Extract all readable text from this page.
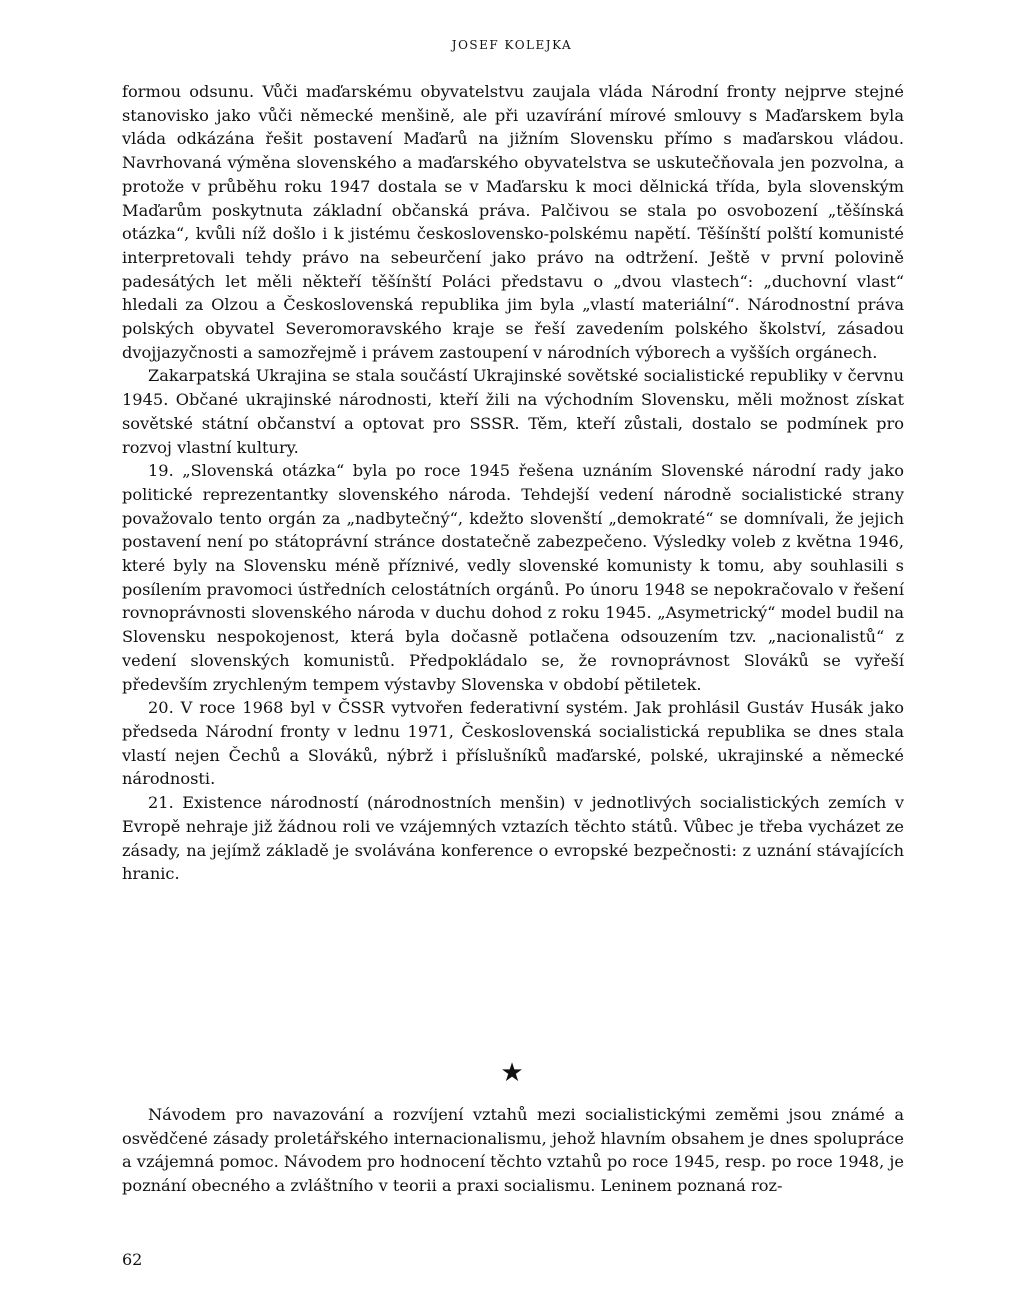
JOSEF KOLEJKA

formou odsunu. Vůči maďarskému obyvatelstvu zaujala vláda Národní fronty nejprve stejné stanovisko jako vůči německé menšině, ale při uzavírání mírové smlouvy s Maďarskem byla vláda odkázána řešit postavení Maďarů na jižním Slovensku přímo s maďarskou vládou. Navrhovaná výměna slovenského a maďarského obyvatelstva se uskutečňovala jen pozvolna, a protože v průběhu roku 1947 dostala se v Maďarsku k moci dělnická třída, byla slovenským Maďarům poskytnuta základní občanská práva. Palčivou se stala po osvobození „těšínská otázka“, kvůli níž došlo i k jistému československo-polskému napětí. Těšínští polští komunisté interpretovali tehdy právo na sebeurčení jako právo na odtržení. Ještě v první polovině padesátých let měli někteří těšínští Poláci představu o „dvou vlastech“: „duchovní vlast“ hledali za Olzou a Československá republika jim byla „vlastí materiální“. Národnostní práva polských obyvatel Severomoravského kraje se řeší zavedením polského školství, zásadou dvojjazyčnosti a samozřejmě i právem zastoupení v národních výborech a vyšších orgánech.

Zakarpatská Ukrajina se stala součástí Ukrajinské sovětské socialistické republiky v červnu 1945. Občané ukrajinské národnosti, kteří žili na východním Slovensku, měli možnost získat sovětské státní občanství a optovat pro SSSR. Těm, kteří zůstali, dostalo se podmínek pro rozvoj vlastní kultury.

19. „Slovenská otázka“ byla po roce 1945 řešena uznáním Slovenské národní rady jako politické reprezentantky slovenského národa. Tehdejší vedení národně socialistické strany považovalo tento orgán za „nadbytečný“, kdežto slovenští „demokraté“ se domnívali, že jejich postavení není po státoprávní stránce dostatečně zabezpečeno. Výsledky voleb z května 1946, které byly na Slovensku méně příznivé, vedly slovenské komunisty k tomu, aby souhlasili s posílením pravomoci ústředních celostátních orgánů. Po únoru 1948 se nepokračovalo v řešení rovnoprávnosti slovenského národa v duchu dohod z roku 1945. „Asymetrický“ model budil na Slovensku nespokojenost, která byla dočasně potlačena odsouzením tzv. „nacionalistů“ z vedení slovenských komunistů. Předpokládalo se, že rovnoprávnost Slováků se vyřeší především zrychleným tempem výstavby Slovenska v období pětiletek.

20. V roce 1968 byl v ČSSR vytvořen federativní systém. Jak prohlásil Gustáv Husák jako předseda Národní fronty v lednu 1971, Československá socialistická republika se dnes stala vlastí nejen Čechů a Slováků, nýbrž i příslušníků maďarské, polské, ukrajinské a německé národnosti.

21. Existence národností (národnostních menšin) v jednotlivých socialistických zemích v Evropě nehraje již žádnou roli ve vzájemných vztazích těchto států. Vůbec je třeba vycházet ze zásady, na jejímž základě je svolávána konference o evropské bezpečnosti: z uznání stávajících hranic.

★

Návodem pro navazování a rozvíjení vztahů mezi socialistickými zeměmi jsou známé a osvědčené zásady proletářského internacionalismu, jehož hlavním obsahem je dnes spolupráce a vzájemná pomoc. Návodem pro hodnocení těchto vztahů po roce 1945, resp. po roce 1948, je poznání obecného a zvláštního v teorii a praxi socialismu. Leninem poznaná roz-

62
